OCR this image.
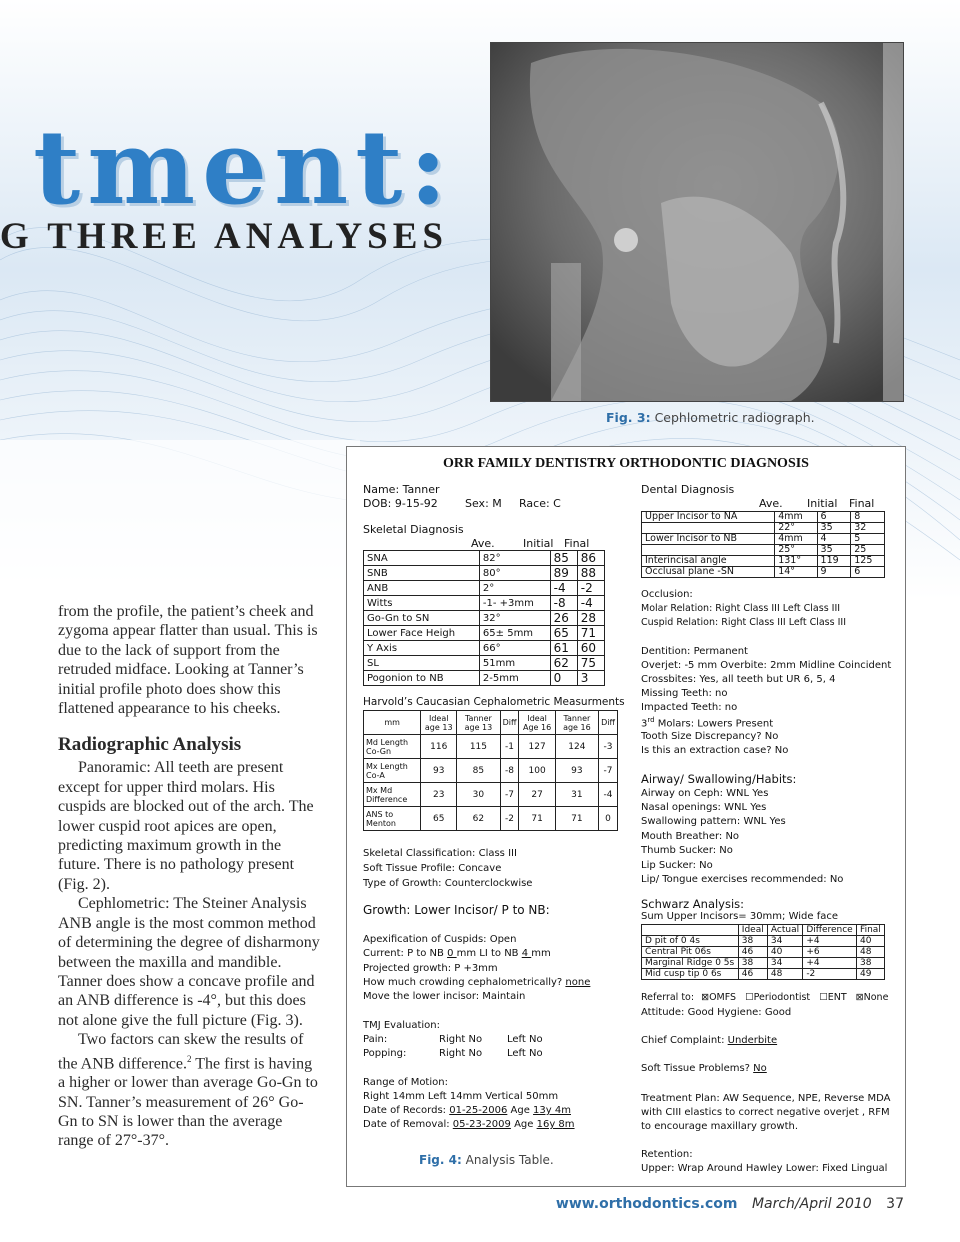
tment:
G THREE ANALYSES
Fig. 3: Cephlometric radiograph.

from the profile, the patient’s cheek and zygoma appear flatter than usual. This is due to the lack of support from the retruded midface. Looking at Tanner’s initial profile photo does show this flattened appearance to his cheeks.

Radiographic Analysis

Panoramic: All teeth are present except for upper third molars. His cuspids are blocked out of the arch. The lower cuspid root apices are open, predicting maximum growth in the future. There is no pathology present (Fig. 2).

Cephlometric: The Steiner Analysis ANB angle is the most common method of determining the degree of disharmony between the maxilla and mandible. Tanner does show a concave profile and an ANB difference is -4°, but this does not alone give the full picture (Fig. 3).

Two factors can skew the results of the ANB difference.$^2$ The first is having a higher or lower than average Go-Gn to SN. Tanner’s measurement of 26° Go-Gn to SN is lower than the average range of 27°-37°.

ORR FAMILY DENTISTRY ORTHODONTIC DIAGNOSIS
Name: Tanner
DOB: 9-15-92 Sex: M Race: C
Skeletal Diagnosis
Ave.	Initial Final
SNA	82°	85	86
SNB	80°	89	88
ANB	2°	-4	-2
Witts	-1- +3mm	-8	-4
Go-Gn to SN	32°	26	28
Lower Face Heigh	65± 5mm	65	71
Y Axis	66°	61	60
SL	51mm	62	75
Pogonion to NB	2-5mm	0	3
Harvold’s Caucasian Cephalometric Measurments
mm	Ideal age 13	Tanner age 13	Diff	Ideal Age 16	Tanner age 16	Diff
Md Length Co-Gn	116	115	-1	127	124	-3
Mx Length Co-A	93	85	-8	100	93	-7
Mx Md Difference	23	30	-7	27	31	-4
ANS to Menton	65	62	-2	71	71	0
Skeletal Classification: Class III
Soft Tissue Profile: Concave
Type of Growth: Counterclockwise
Growth: Lower Incisor/ P to NB:
Apexification of Cuspids: Open
Current: P to NB 0 mm LI to NB 4 mm
Projected growth: P +3mm
How much crowding cephalometrically? none
Move the lower incisor: Maintain
TMJ Evaluation:
Pain:	Right No Left No
Popping:	Right No Left No
Range of Motion:
Right 14mm Left 14mm Vertical 50mm
Date of Records: 01-25-2006 Age 13y 4m
Date of Removal: 05-23-2009 Age 16y 8m
Fig. 4: Analysis Table.
Dental Diagnosis
Ave. Initial Final
Upper Incisor to NA	4mm	6	8
	22°	35	32
Lower Incisor to NB	4mm	4	5
	25°	35	25
Interincisal angle	131°	119	125
Occlusal plane -SN	14°	9	6
Occlusion:
Molar Relation: Right Class III Left Class III
Cuspid Relation: Right Class III Left Class III
Dentition: Permanent
Overjet: -5 mm Overbite: 2mm Midline Coincident
Crossbites: Yes, all teeth but UR 6, 5, 4
Missing Teeth: no
Impacted Teeth: no
3rd Molars: Lowers Present
Tooth Size Discrepancy? No
Is this an extraction case? No
Airway/ Swallowing/Habits:
Airway on Ceph: WNL Yes
Nasal openings: WNL Yes
Swallowing pattern: WNL Yes
Mouth Breather: No
Thumb Sucker: No
Lip Sucker: No
Lip/ Tongue exercises recommended: No
Schwarz Analysis:
Sum Upper Incisors= 30mm; Wide face
	Ideal	Actual	Difference	Final
D pit of 0 4s	38	34	+4	40
Central Pit 06s	46	40	+6	48
Marginal Ridge 0 5s	38	34	+4	38
Mid cusp tip 0 6s	46	48	-2	49
Referral to: ⊠OMFS ☐Periodontist ☐ENT ⊠None
Attitude: Good Hygiene: Good
Chief Complaint: Underbite
Soft Tissue Problems? No
Treatment Plan: AW Sequence, NPE, Reverse MDA with CIII elastics to correct negative overjet , RFM to encourage maxillary growth.
Retention:
Upper: Wrap Around Hawley Lower: Fixed Lingual
www.orthodontics.com March/April 2010 37
